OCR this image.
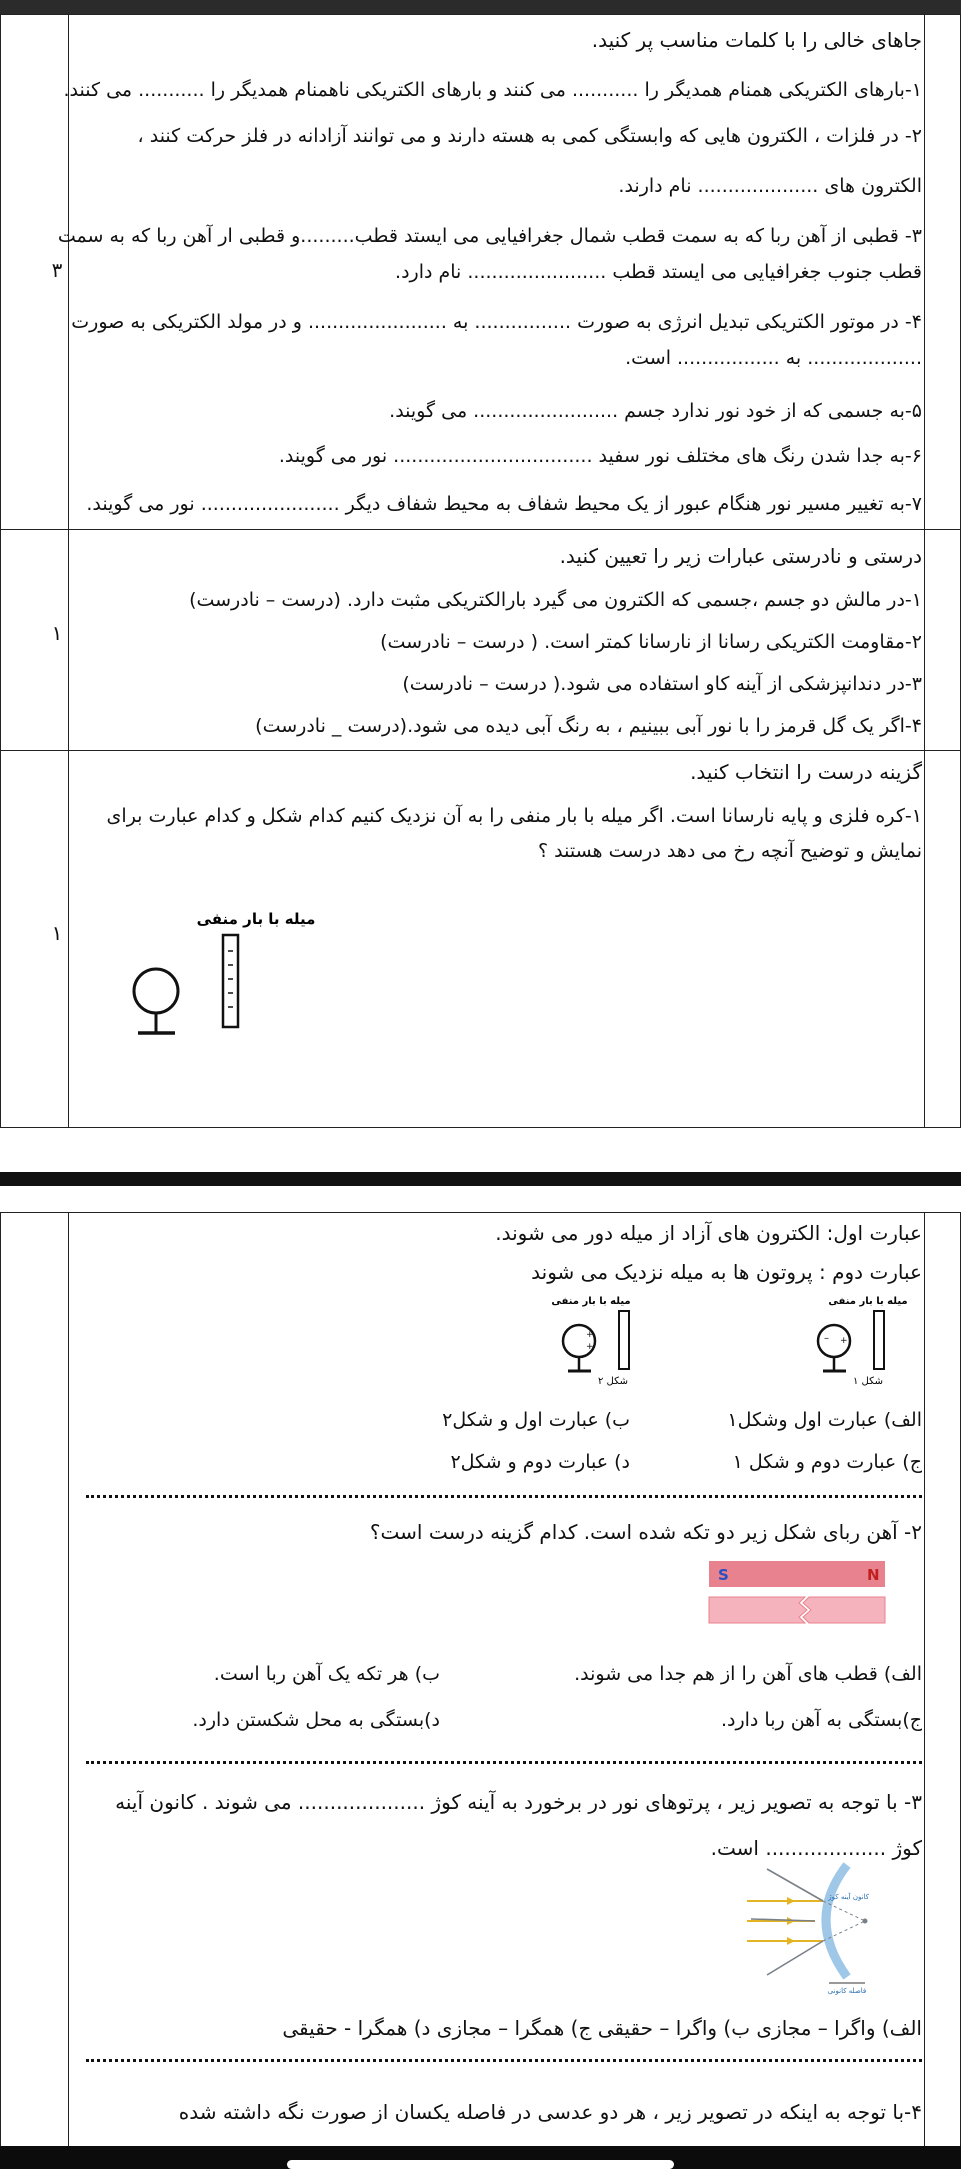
جاهای خالی را با کلمات مناسب پر کنید.
۱-بارهای الکتریکی همنام همدیگر را ........... می کنند و بارهای الکتریکی ناهمنام همدیگر را ........... می کنند.
۲- در فلزات ، الکترون هایی که وابستگی کمی به هسته دارند و می توانند آزادانه در فلز حرکت کنند ،
الکترون های .................... نام دارند.
۳- قطبی از آهن ربا که به سمت قطب شمال جغرافیایی می ایستد قطب.........و قطبی ار آهن ربا که به سمت
قطب جنوب جغرافیایی می ایستد قطب ....................... نام دارد.
۴- در موتور الکتریکی تبدیل انرژی به صورت ................ به ....................... و در مولد الکتریکی به صورت
................... به ................. است.
۵-به جسمی که از خود نور ندارد جسم ........................ می گویند.
۶-به جدا شدن رنگ های مختلف نور سفید ................................. نور می گویند.
۷-به تغییر مسیر نور هنگام عبور از یک محیط شفاف به محیط شفاف دیگر ....................... نور می گویند.
۳
درستی و نادرستی عبارات زیر را تعیین کنید.
۱-در مالش دو جسم ،جسمی که الکترون می گیرد بارالکتریکی مثبت دارد. (درست – نادرست)
۲-مقاومت الکتریکی رسانا از نارسانا کمتر است. ( درست – نادرست)
۳-در دندانپزشکی از آینه کاو استفاده می شود.( درست – نادرست)
۴-اگر یک گل قرمز را با نور آبی ببینیم ، به رنگ آبی دیده می شود.(درست _ نادرست)
۱
گزینه درست را انتخاب کنید.
۱-کره فلزی و پایه نارسانا است. اگر میله با بار منفی را به آن نزدیک کنیم کدام شکل و کدام عبارت برای
نمایش و توضیح آنچه رخ می دهد درست هستند ؟
۱
میله با بار منفی
عبارت اول: الکترون های آزاد از میله دور می شوند.
عبارت دوم : پروتون ها به میله نزدیک می شوند
میله با بار منفی
+
+
شکل ۲
میله با بار منفی
– +
شکل ۱
الف) عبارت اول وشکل۱
ب) عبارت اول و شکل۲
ج) عبارت دوم و شکل ۱
د) عبارت دوم و شکل۲
۲- آهن ربای شکل زیر دو تکه شده است. کدام گزینه درست است؟
S	N
الف) قطب های آهن را از هم جدا می شوند.
ب) هر تکه یک آهن ربا است.
ج)بستگی به آهن ربا دارد.
د)بستگی به محل شکستن دارد.
۳- با توجه به تصویر زیر ، پرتوهای نور در برخورد به آینه کوژ .................... می شوند . کانون آینه
کوژ ................... است.
کانون آینه کوژ
فاصله کانونی
الف) واگرا – مجازی ب) واگرا – حقیقی ج) همگرا – مجازی د) همگرا - حقیقی
۴-با توجه به اینکه در تصویر زیر ، هر دو عدسی در فاصله یکسان از صورت نگه داشته شده
